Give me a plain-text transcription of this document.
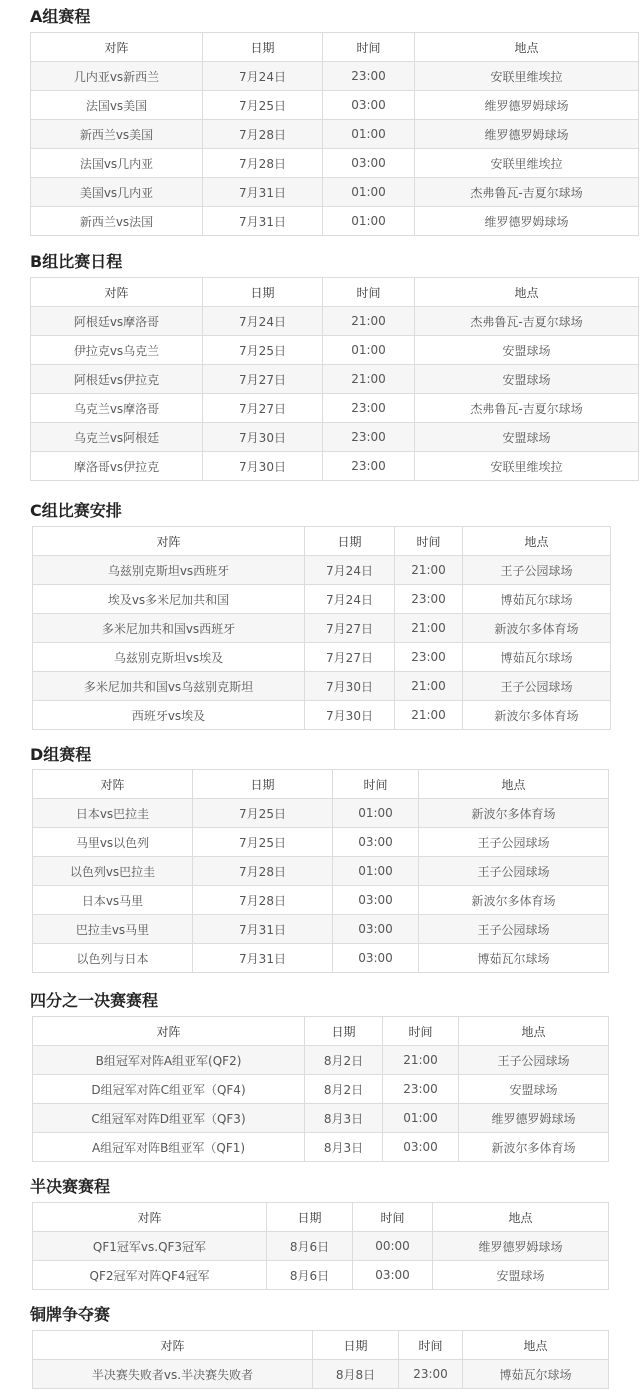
A组赛程
B组比赛日程
C组比赛安排
D组赛程
四分之一决赛赛程
半决赛赛程
铜牌争夺赛
对阵	日期	时间	地点
几内亚vs新西兰	7月24日	23:00	安联里维埃拉
法国vs美国	7月25日	03:00	维罗德罗姆球场
新西兰vs美国	7月28日	01:00	维罗德罗姆球场
法国vs几内亚	7月28日	03:00	安联里维埃拉
美国vs几内亚	7月31日	01:00	杰弗鲁瓦-吉夏尔球场
新西兰vs法国	7月31日	01:00	维罗德罗姆球场
对阵	日期	时间	地点
阿根廷vs摩洛哥	7月24日	21:00	杰弗鲁瓦-吉夏尔球场
伊拉克vs乌克兰	7月25日	01:00	安盟球场
阿根廷vs伊拉克	7月27日	21:00	安盟球场
乌克兰vs摩洛哥	7月27日	23:00	杰弗鲁瓦-吉夏尔球场
乌克兰vs阿根廷	7月30日	23:00	安盟球场
摩洛哥vs伊拉克	7月30日	23:00	安联里维埃拉
对阵	日期	时间	地点
乌兹别克斯坦vs西班牙	7月24日	21:00	王子公园球场
埃及vs多米尼加共和国	7月24日	23:00	博茹瓦尔球场
多米尼加共和国vs西班牙	7月27日	21:00	新波尔多体育场
乌兹别克斯坦vs埃及	7月27日	23:00	博茹瓦尔球场
多米尼加共和国vs乌兹别克斯坦	7月30日	21:00	王子公园球场
西班牙vs埃及	7月30日	21:00	新波尔多体育场
对阵	日期	时间	地点
日本vs巴拉圭	7月25日	01:00	新波尔多体育场
马里vs以色列	7月25日	03:00	王子公园球场
以色列vs巴拉圭	7月28日	01:00	王子公园球场
日本vs马里	7月28日	03:00	新波尔多体育场
巴拉圭vs马里	7月31日	03:00	王子公园球场
以色列与日本	7月31日	03:00	博茹瓦尔球场
对阵	日期	时间	地点
B组冠军对阵A组亚军(QF2)	8月2日	21:00	王子公园球场
D组冠军对阵C组亚军（QF4)	8月2日	23:00	安盟球场
C组冠军对阵D组亚军（QF3)	8月3日	01:00	维罗德罗姆球场
A组冠军对阵B组亚军（QF1)	8月3日	03:00	新波尔多体育场
对阵	日期	时间	地点
QF1冠军vs.QF3冠军	8月6日	00:00	维罗德罗姆球场
QF2冠军对阵QF4冠军	8月6日	03:00	安盟球场
对阵	日期	时间	地点
半决赛失败者vs.半决赛失败者	8月8日	23:00	博茹瓦尔球场
